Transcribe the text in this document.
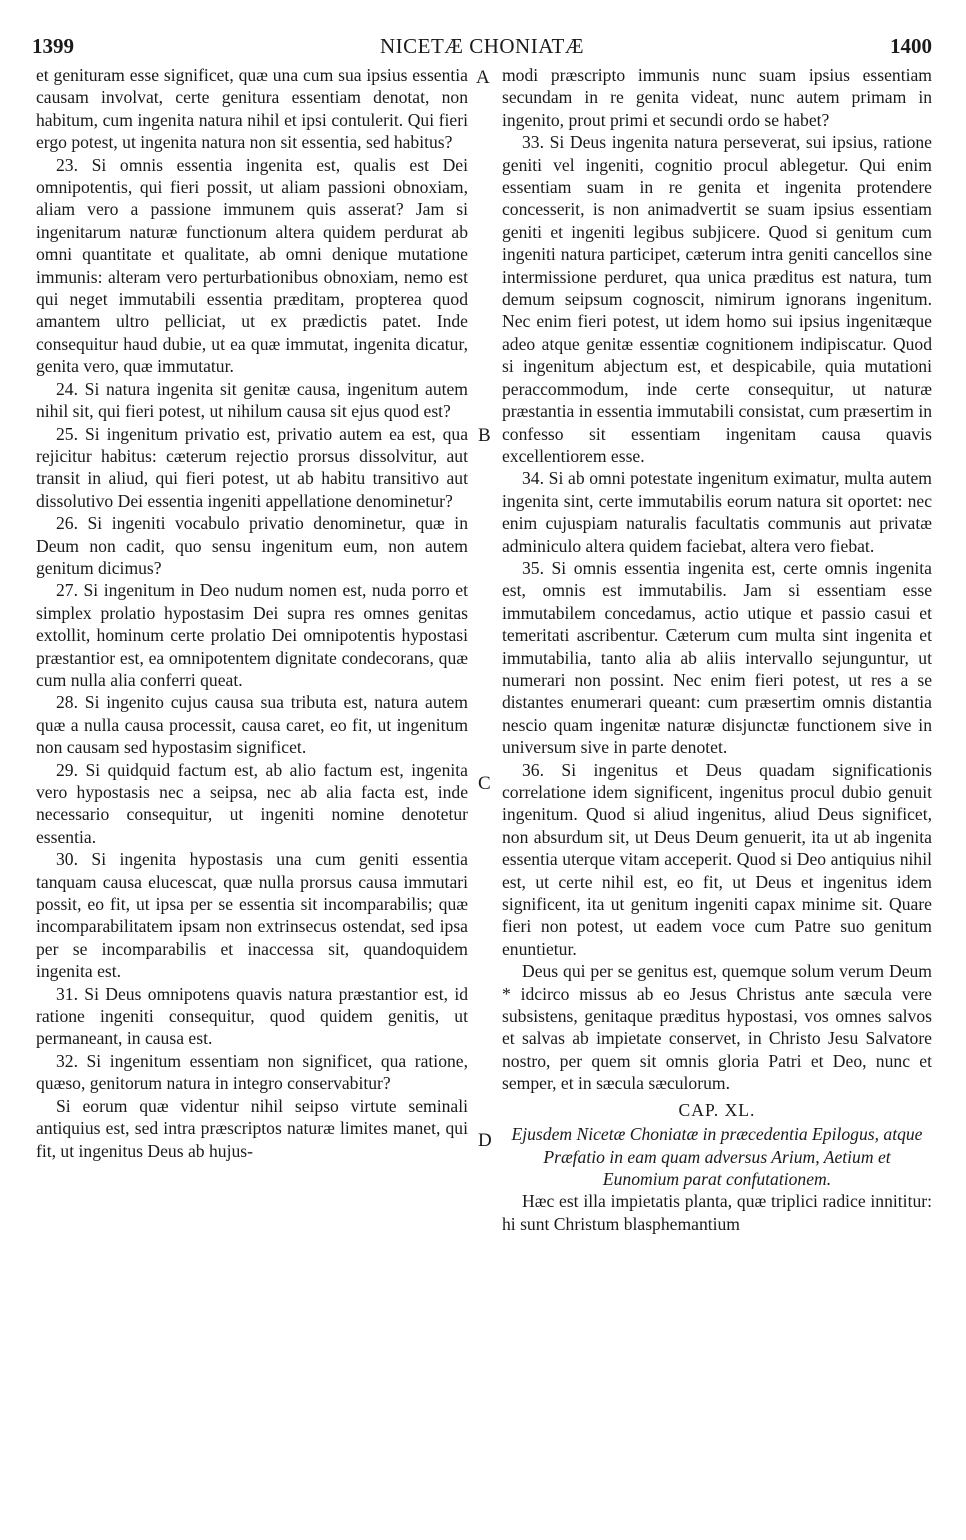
1399	NICETÆ CHONIATÆ	1400

et genituram esse significet, quæ una cum sua ipsius essentia causam involvat, certe genitura essentiam denotat, non habitum, cum ingenita natura nihil et ipsi contulerit. Qui fieri ergo potest, ut ingenita natura non sit essentia, sed habitus?

23. Si omnis essentia ingenita est, qualis est Dei omnipotentis, qui fieri possit, ut aliam passioni obnoxiam, aliam vero a passione immunem quis asserat? Jam si ingenitarum naturæ functionum altera quidem perdurat ab omni quantitate et qualitate, ab omni denique mutatione immunis: alteram vero perturbationibus obnoxiam, nemo est qui neget immutabili essentia præditam, propterea quod amantem ultro pelliciat, ut ex prædictis patet. Inde consequitur haud dubie, ut ea quæ immutat, ingenita dicatur, genita vero, quæ immutatur.

24. Si natura ingenita sit genitæ causa, ingenitum autem nihil sit, qui fieri potest, ut nihilum causa sit ejus quod est?

25. Si ingenitum privatio est, privatio autem ea est, qua rejicitur habitus: cæterum rejectio prorsus dissolvitur, aut transit in aliud, qui fieri potest, ut ab habitu transitivo aut dissolutivo Dei essentia ingeniti appellatione denominetur?

26. Si ingeniti vocabulo privatio denominetur, quæ in Deum non cadit, quo sensu ingenitum eum, non autem genitum dicimus?

27. Si ingenitum in Deo nudum nomen est, nuda porro et simplex prolatio hypostasim Dei supra res omnes genitas extollit, hominum certe prolatio Dei omnipotentis hypostasi præstantior est, ea omnipotentem dignitate condecorans, quæ cum nulla alia conferri queat.

28. Si ingenito cujus causa sua tributa est, natura autem quæ a nulla causa processit, causa caret, eo fit, ut ingenitum non causam sed hypostasim significet.

29. Si quidquid factum est, ab alio factum est, ingenita vero hypostasis nec a seipsa, nec ab alia facta est, inde necessario consequitur, ut ingeniti nomine denotetur essentia.

30. Si ingenita hypostasis una cum geniti essentia tanquam causa elucescat, quæ nulla prorsus causa immutari possit, eo fit, ut ipsa per se essentia sit incomparabilis; quæ incomparabilitatem ipsam non extrinsecus ostendat, sed ipsa per se incomparabilis et inaccessa sit, quandoquidem ingenita est.

31. Si Deus omnipotens quavis natura præstantior est, id ratione ingeniti consequitur, quod quidem genitis, ut permaneant, in causa est.

32. Si ingenitum essentiam non significet, qua ratione, quæso, genitorum natura in integro conservabitur?

Si eorum quæ videntur nihil seipso virtute seminali antiquius est, sed intra præscriptos naturæ limites manet, qui fit, ut ingenitus Deus ab hujus-

modi præscripto immunis nunc suam ipsius essentiam secundam in re genita videat, nunc autem primam in ingenito, prout primi et secundi ordo se habet?

33. Si Deus ingenita natura perseverat, sui ipsius, ratione geniti vel ingeniti, cognitio procul ablegetur. Qui enim essentiam suam in re genita et ingenita protendere concesserit, is non animadvertit se suam ipsius essentiam geniti et ingeniti legibus subjicere. Quod si genitum cum ingeniti natura participet, cæterum intra geniti cancellos sine intermissione perduret, qua unica præditus est natura, tum demum seipsum cognoscit, nimirum ignorans ingenitum. Nec enim fieri potest, ut idem homo sui ipsius ingenitæque adeo atque genitæ essentiæ cognitionem indipiscatur. Quod si ingenitum abjectum est, et despicabile, quia mutationi peraccommodum, inde certe consequitur, ut naturæ præstantia in essentia immutabili consistat, cum præsertim in confesso sit essentiam ingenitam causa quavis excellentiorem esse.

34. Si ab omni potestate ingenitum eximatur, multa autem ingenita sint, certe immutabilis eorum natura sit oportet: nec enim cujuspiam naturalis facultatis communis aut privatæ adminiculo altera quidem faciebat, altera vero fiebat.

35. Si omnis essentia ingenita est, certe omnis ingenita est, omnis est immutabilis. Jam si essentiam esse immutabilem concedamus, actio utique et passio casui et temeritati ascribentur. Cæterum cum multa sint ingenita et immutabilia, tanto alia ab aliis intervallo sejunguntur, ut numerari non possint. Nec enim fieri potest, ut res a se distantes enumerari queant: cum præsertim omnis distantia nescio quam ingenitæ naturæ disjunctæ functionem sive in universum sive in parte denotet.

36. Si ingenitus et Deus quadam significationis correlatione idem significent, ingenitus procul dubio genuit ingenitum. Quod si aliud ingenitus, aliud Deus significet, non absurdum sit, ut Deus Deum genuerit, ita ut ab ingenita essentia uterque vitam acceperit. Quod si Deo antiquius nihil est, ut certe nihil est, eo fit, ut Deus et ingenitus idem significent, ita ut genitum ingeniti capax minime sit. Quare fieri non potest, ut eadem voce cum Patre suo genitum enuntietur.

Deus qui per se genitus est, quemque solum verum Deum * idcirco missus ab eo Jesus Christus ante sæcula vere subsistens, genitaque præditus hypostasi, vos omnes salvos et salvas ab impietate conservet, in Christo Jesu Salvatore nostro, per quem sit omnis gloria Patri et Deo, nunc et semper, et in sæcula sæculorum.

CAP. XL.

Ejusdem Nicetæ Choniatæ in præcedentia Epilogus, atque Præfatio in eam quam adversus Arium, Aetium et Eunomium parat confutationem.

Hæc est illa impietatis planta, quæ triplici radice innititur: hi sunt Christum blasphemantium

A
B
C
D
